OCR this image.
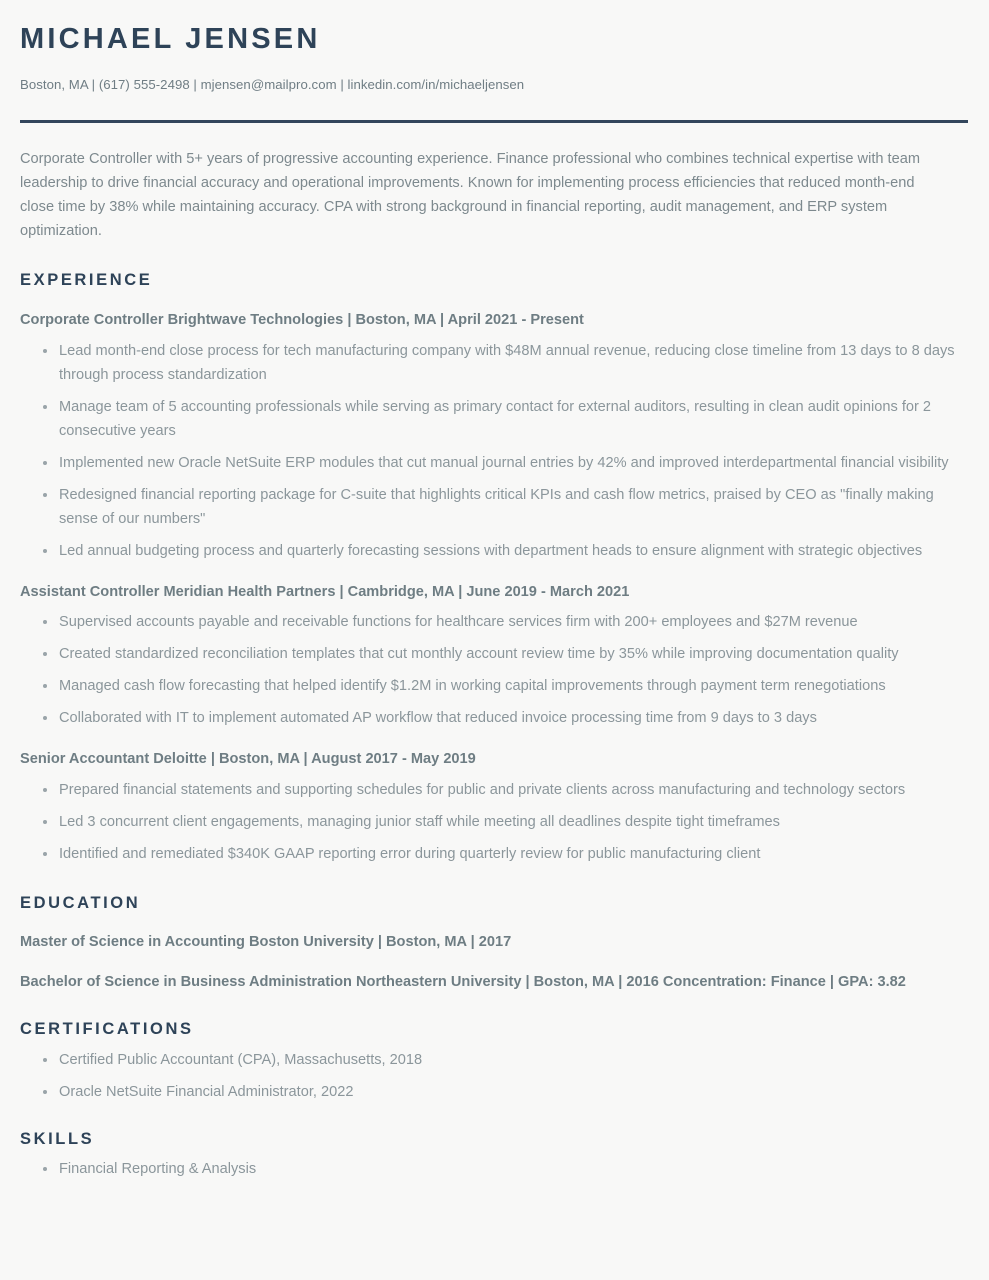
MICHAEL JENSEN
Boston, MA | (617) 555-2498 | mjensen@mailpro.com | linkedin.com/in/michaeljensen

Corporate Controller with 5+ years of progressive accounting experience. Finance professional who combines technical expertise with team leadership to drive financial accuracy and operational improvements. Known for implementing process efficiencies that reduced month-end close time by 38% while maintaining accuracy. CPA with strong background in financial reporting, audit management, and ERP system optimization.

EXPERIENCE
Corporate Controller Brightwave Technologies | Boston, MA | April 2021 - Present
Lead month-end close process for tech manufacturing company with $48M annual revenue, reducing close timeline from 13 days to 8 days through process standardization
Manage team of 5 accounting professionals while serving as primary contact for external auditors, resulting in clean audit opinions for 2 consecutive years
Implemented new Oracle NetSuite ERP modules that cut manual journal entries by 42% and improved interdepartmental financial visibility
Redesigned financial reporting package for C-suite that highlights critical KPIs and cash flow metrics, praised by CEO as "finally making sense of our numbers"
Led annual budgeting process and quarterly forecasting sessions with department heads to ensure alignment with strategic objectives
Assistant Controller Meridian Health Partners | Cambridge, MA | June 2019 - March 2021
Supervised accounts payable and receivable functions for healthcare services firm with 200+ employees and $27M revenue
Created standardized reconciliation templates that cut monthly account review time by 35% while improving documentation quality
Managed cash flow forecasting that helped identify $1.2M in working capital improvements through payment term renegotiations
Collaborated with IT to implement automated AP workflow that reduced invoice processing time from 9 days to 3 days
Senior Accountant Deloitte | Boston, MA | August 2017 - May 2019
Prepared financial statements and supporting schedules for public and private clients across manufacturing and technology sectors
Led 3 concurrent client engagements, managing junior staff while meeting all deadlines despite tight timeframes
Identified and remediated $340K GAAP reporting error during quarterly review for public manufacturing client
EDUCATION
Master of Science in Accounting Boston University | Boston, MA | 2017
Bachelor of Science in Business Administration Northeastern University | Boston, MA | 2016 Concentration: Finance | GPA: 3.82
CERTIFICATIONS
Certified Public Accountant (CPA), Massachusetts, 2018
Oracle NetSuite Financial Administrator, 2022
SKILLS
Financial Reporting & Analysis
